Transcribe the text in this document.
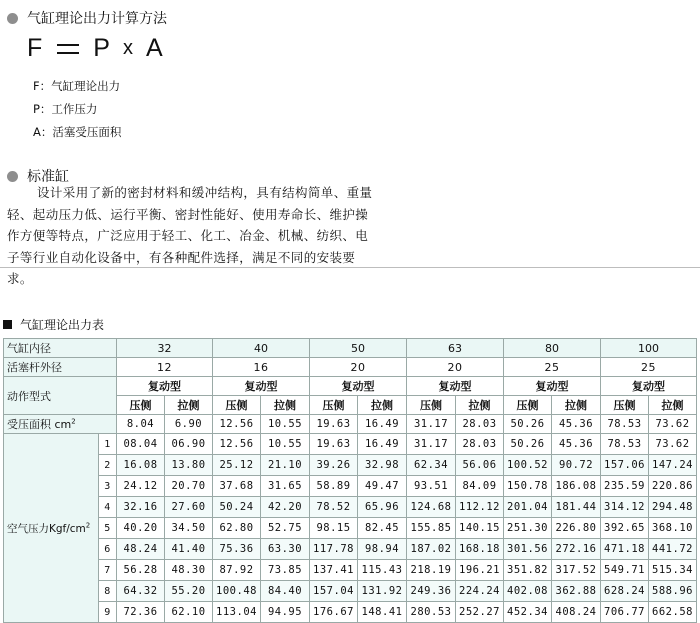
气缸理论出力计算方法
F P x A
F：气缸理论出力
P：工作压力
A：活塞受压面积
标准缸
设计采用了新的密封材料和缓冲结构，具有结构简单、重量轻、起动压力低、运行平衡、密封性能好、使用寿命长、维护操作方便等特点，广泛应用于轻工、化工、冶金、机械、纺织、电子等行业自动化设备中，有各种配件选择，满足不同的安装要求。
气缸理论出力表
气缸内径		32		40		50		63		80		100	
活塞杆外径		12		16		20		20		25		25	
动作型式		复动型		复动型		复动型		复动型		复动型		复动型	
		压侧	拉侧	压侧	拉侧	压侧	拉侧	压侧	拉侧	压侧	拉侧	压侧	拉侧
受压面积 $cm^2$		8.04	6.90	12.56	10.55	19.63	16.49	31.17	28.03	50.26	45.36	78.53	73.62
空气压力Kgf/$cm^2$	1	08.04	06.90	12.56	10.55	19.63	16.49	31.17	28.03	50.26	45.36	78.53	73.62
	2	16.08	13.80	25.12	21.10	39.26	32.98	62.34	56.06	100.52	90.72	157.06	147.24
	3	24.12	20.70	37.68	31.65	58.89	49.47	93.51	84.09	150.78	186.08	235.59	220.86
	4	32.16	27.60	50.24	42.20	78.52	65.96	124.68	112.12	201.04	181.44	314.12	294.48
	5	40.20	34.50	62.80	52.75	98.15	82.45	155.85	140.15	251.30	226.80	392.65	368.10
	6	48.24	41.40	75.36	63.30	117.78	98.94	187.02	168.18	301.56	272.16	471.18	441.72
	7	56.28	48.30	87.92	73.85	137.41	115.43	218.19	196.21	351.82	317.52	549.71	515.34
	8	64.32	55.20	100.48	84.40	157.04	131.92	249.36	224.24	402.08	362.88	628.24	588.96
	9	72.36	62.10	113.04	94.95	176.67	148.41	280.53	252.27	452.34	408.24	706.77	662.58
